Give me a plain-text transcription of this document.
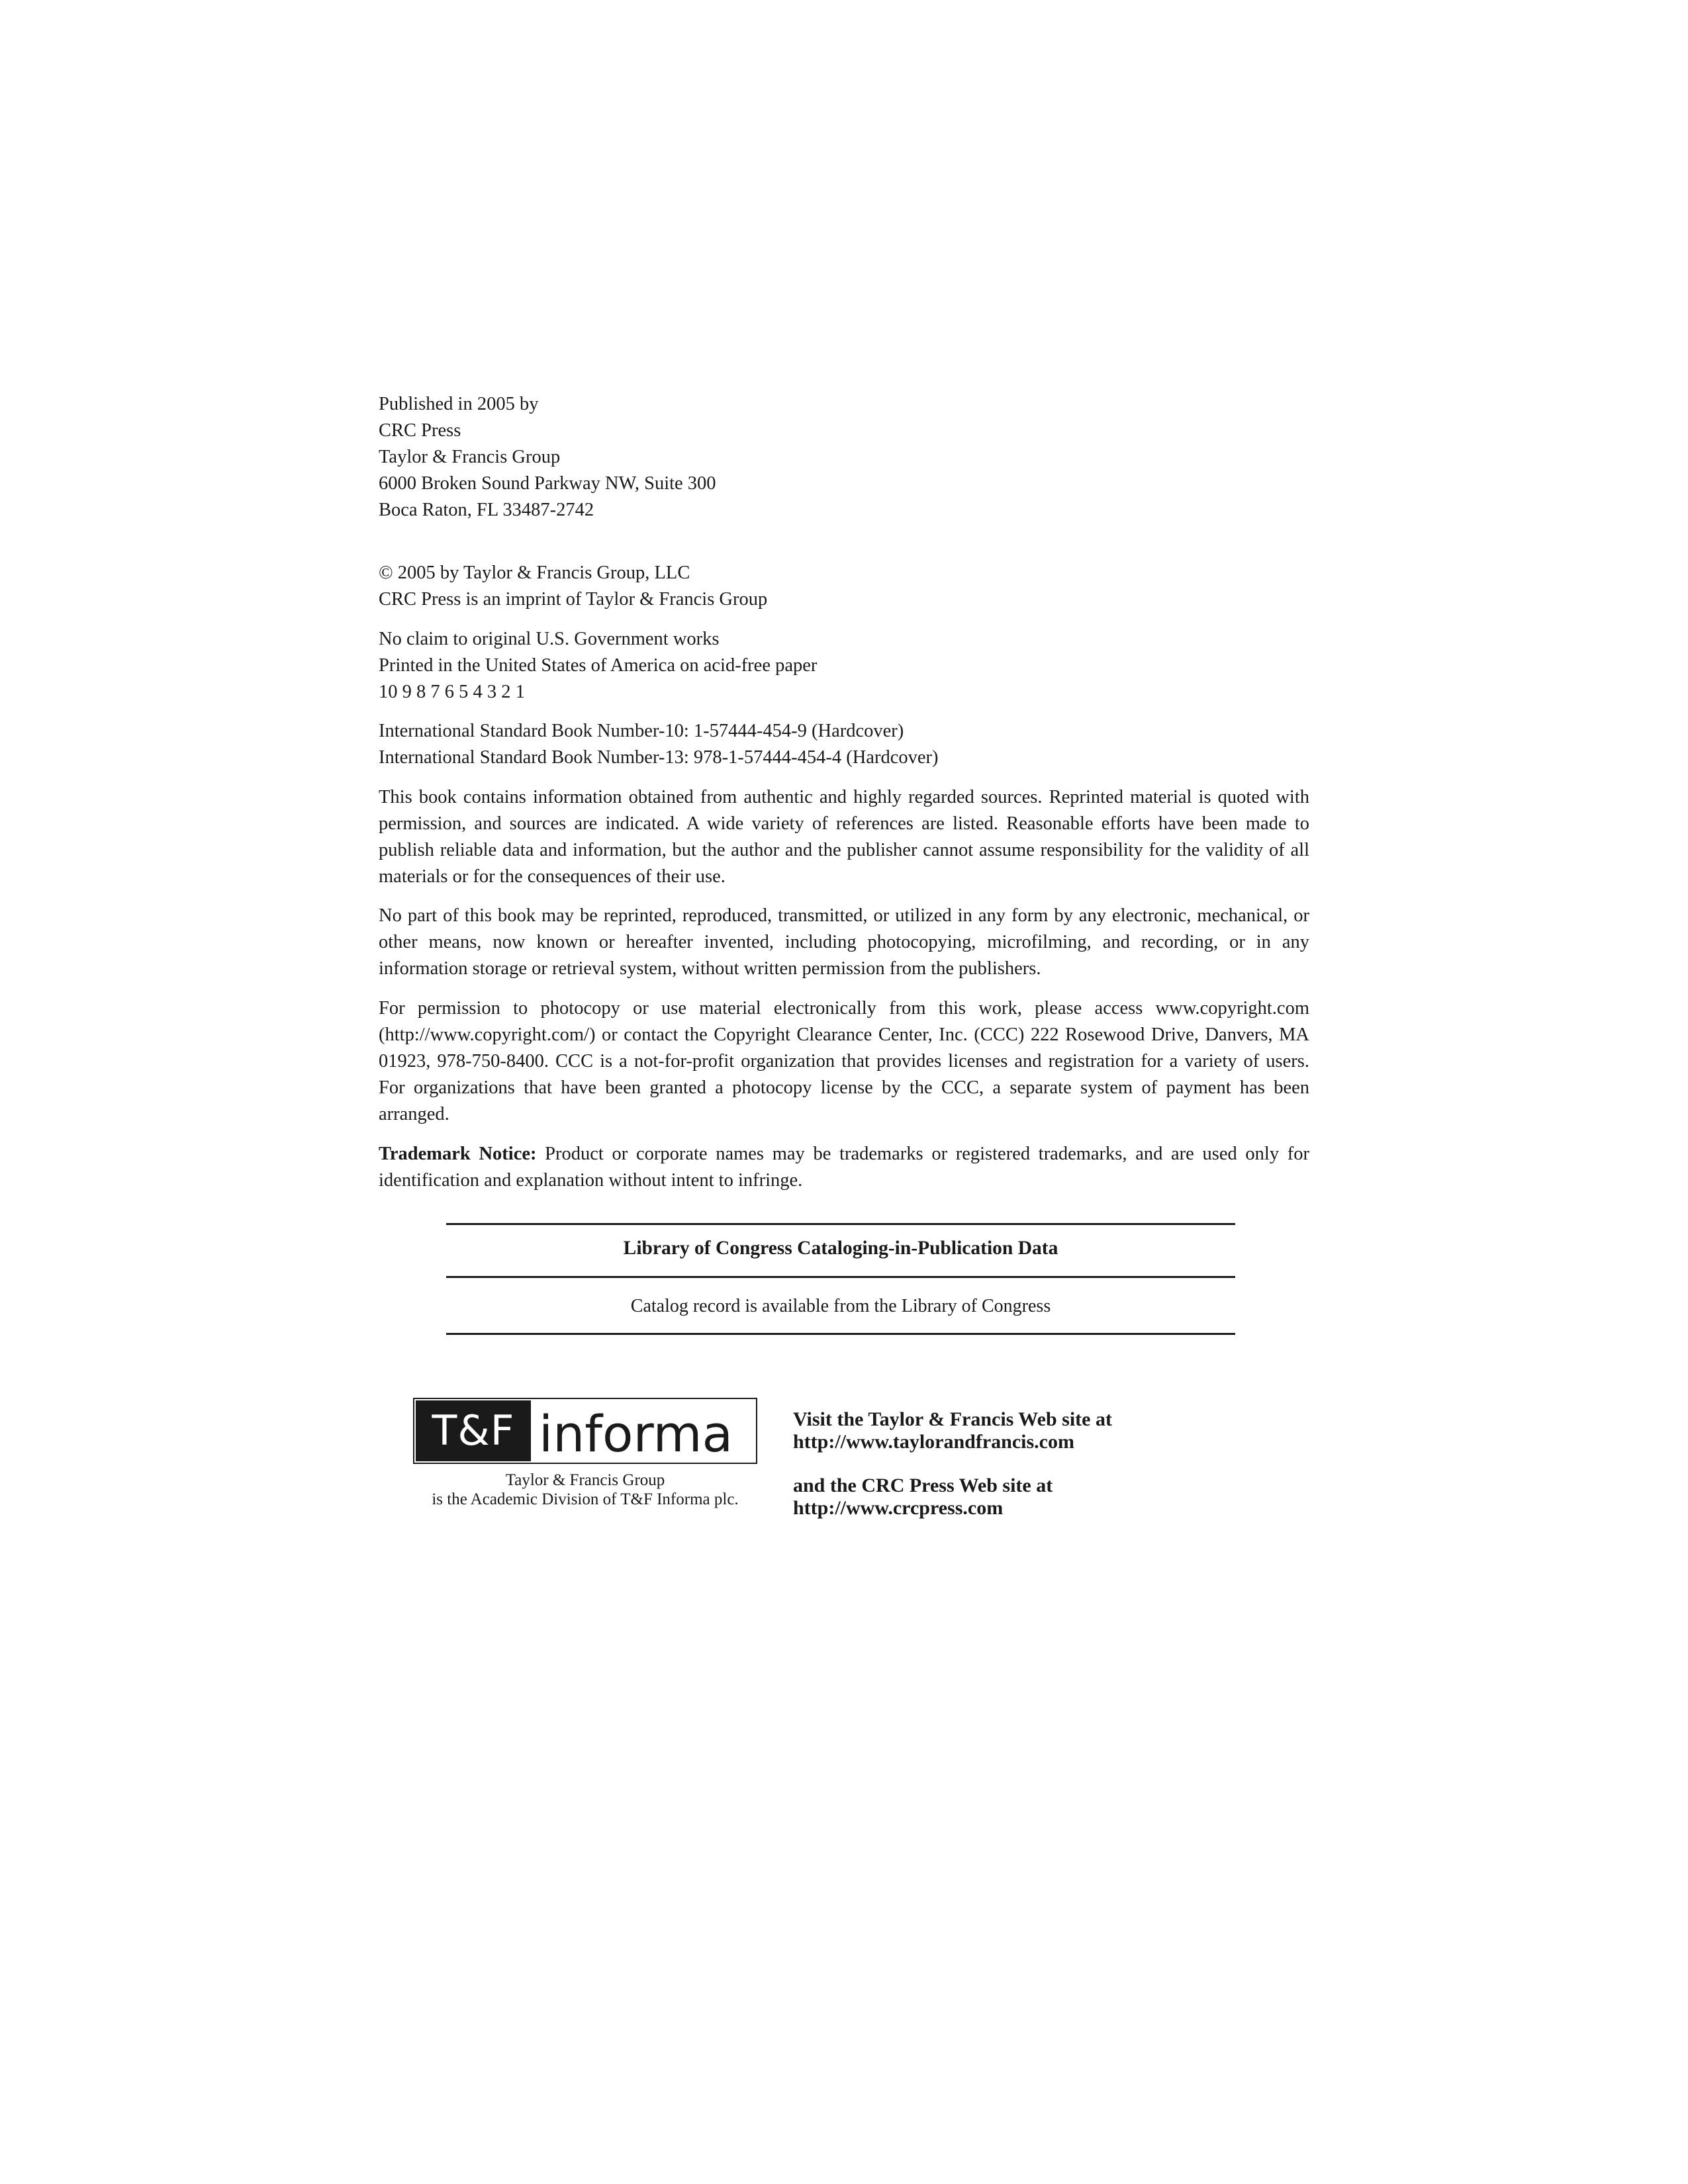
Published in 2005 by
CRC Press
Taylor & Francis Group
6000 Broken Sound Parkway NW, Suite 300
Boca Raton, FL 33487-2742
© 2005 by Taylor & Francis Group, LLC
CRC Press is an imprint of Taylor & Francis Group
No claim to original U.S. Government works
Printed in the United States of America on acid-free paper
10 9 8 7 6 5 4 3 2 1
International Standard Book Number-10: 1-57444-454-9 (Hardcover)
International Standard Book Number-13: 978-1-57444-454-4 (Hardcover)
This book contains information obtained from authentic and highly regarded sources. Reprinted material is quoted with permission, and sources are indicated. A wide variety of references are listed. Reasonable efforts have been made to publish reliable data and information, but the author and the publisher cannot assume responsibility for the validity of all materials or for the consequences of their use.
No part of this book may be reprinted, reproduced, transmitted, or utilized in any form by any electronic, mechanical, or other means, now known or hereafter invented, including photocopying, microfilming, and recording, or in any information storage or retrieval system, without written permission from the publishers.
For permission to photocopy or use material electronically from this work, please access www.copyright.com (http://www.copyright.com/) or contact the Copyright Clearance Center, Inc. (CCC) 222 Rosewood Drive, Danvers, MA 01923, 978-750-8400. CCC is a not-for-profit organization that provides licenses and registration for a variety of users. For organizations that have been granted a photocopy license by the CCC, a separate system of payment has been arranged.
Trademark Notice: Product or corporate names may be trademarks or registered trademarks, and are used only for identification and explanation without intent to infringe.
Library of Congress Cataloging-in-Publication Data
Catalog record is available from the Library of Congress
T&F informa
Taylor & Francis Group
is the Academic Division of T&F Informa plc.
Visit the Taylor & Francis Web site at
http://www.taylorandfrancis.com
and the CRC Press Web site at
http://www.crcpress.com
